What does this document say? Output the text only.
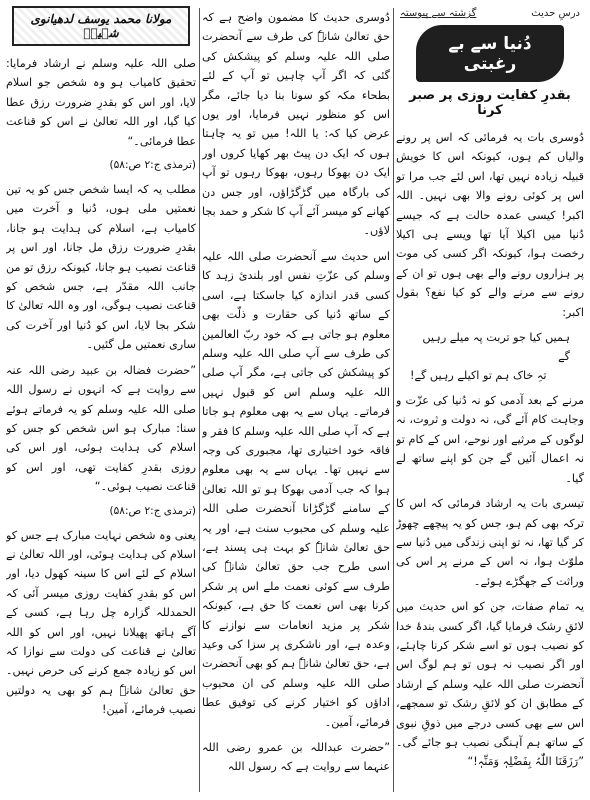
درسِ حدیث
گزشتہ سے پیوستہ
دُنیا سے بے رغبتی
بقدرِ کفایت روزی پر صبر کرنا

دُوسری بات یہ فرمائی کہ اس پر رونے والیاں کم ہوں، کیونکہ اس کا خویش قبیلہ زیادہ نہیں تھا، اس لئے جب مرا تو اس پر کوئی رونے والا بھی نہیں۔ اللہ اکبر! کیسی عمدہ حالت ہے کہ جیسے دُنیا میں اکیلا آیا تھا ویسے ہی اکیلا رخصت ہوا، کیونکہ اگر کسی کی موت پر ہزاروں رونے والے بھی ہوں تو ان کے رونے سے مرنے والے کو کیا نفع؟ بقول اکبر:

ہمیں کیا جو تربت پہ میلے رہیں گے
تہِ خاک ہم تو اکیلے رہیں گے!

مرنے کے بعد آدمی کو نہ دُنیا کی عزّت و وجاہت کام آئے گی، نہ دولت و ثروت، نہ لوگوں کے مرثیے اور نوحے، اس کے کام تو نہ اعمال آئیں گے جن کو اپنے ساتھ لے گیا۔

تیسری بات یہ ارشاد فرمائی کہ اس کا ترکہ بھی کم ہو، جس کو یہ پیچھے چھوڑ کر گیا تھا، نہ تو اپنی زندگی میں دُنیا سے ملوّث ہوا، نہ اس کے مرنے پر اس کی وراثت کے جھگڑے ہوئے۔

یہ تمام صفات، جن کو اس حدیث میں لائقِ رشک فرمایا گیا، اگر کسی بندۂ خدا کو نصیب ہوں تو اسے شکر کرنا چاہئے، اور اگر نصیب نہ ہوں تو ہم لوگ اس آنحضرت صلی اللہ علیہ وسلم کے ارشاد کے مطابق ان کو لائقِ رشک تو سمجھے، اس سے بھی کسی درجے میں ذوقِ نبوی کے ساتھ ہم آہنگی نصیب ہو جائے گی۔ ”رَزَقَنَا اللّٰہُ بِفَضْلِہٖ وَمَنِّہٖ!“

دُوسری حدیث کا مضمون واضح ہے کہ حق تعالیٰ شانہٗ کی طرف سے آنحضرت صلی اللہ علیہ وسلم کو پیشکش کی گئی کہ اگر آپ چاہیں تو آپ کے لئے بطحاء مکہ کو سونا بنا دیا جائے، مگر اس کو منظور نہیں فرمایا، اور یوں عرض کیا کہ: یا اللہ! میں تو یہ چاہتا ہوں کہ ایک دن پیٹ بھر کھایا کروں اور ایک دن بھوکا رہوں، بھوکا رہوں تو آپ کی بارگاہ میں گڑگڑاؤں، اور جس دن کھانے کو میسر آئے آپ کا شکر و حمد بجا لاؤں۔

اس حدیث سے آنحضرت صلی اللہ علیہ وسلم کی عزّتِ نفس اور بلندیٔ زہد کا کسی قدر اندازہ کیا جاسکتا ہے، اسی کے ساتھ دُنیا کی حقارت و ذلّت بھی معلوم ہو جاتی ہے کہ خود ربّ العالمین کی طرف سے آپ صلی اللہ علیہ وسلم کو پیشکش کی جاتی ہے، مگر آپ صلی اللہ علیہ وسلم اس کو قبول نہیں فرماتے۔ یہاں سے یہ بھی معلوم ہو جاتا ہے کہ آپ صلی اللہ علیہ وسلم کا فقر و فاقہ خود اختیاری تھا، مجبوری کی وجہ سے نہیں تھا۔ یہاں سے یہ بھی معلوم ہوا کہ جب آدمی بھوکا ہو تو اللہ تعالیٰ کے سامنے گڑگڑانا آنحضرت صلی اللہ علیہ وسلم کی محبوب سنت ہے، اور یہ حق تعالیٰ شانہٗ کو بہت ہی پسند ہے، اسی طرح جب حق تعالیٰ شانہٗ کی طرف سے کوئی نعمت ملے اس پر شکر کرنا بھی اس نعمت کا حق ہے، کیونکہ شکر پر مزید انعامات سے نوازنے کا وعدہ ہے، اور ناشکری پر سزا کی وعید ہے، حق تعالیٰ شانہٗ ہم کو بھی آنحضرت صلی اللہ علیہ وسلم کی ان محبوب اداؤں کو اختیار کرنے کی توفیق عطا فرمائے، آمین۔

”حضرت عبداللہ بن عمرو رضی اللہ عنہما سے روایت ہے کہ رسول اللہ

مولانا محمد یوسف لدھیانوی شہیدؒ

صلی اللہ علیہ وسلم نے ارشاد فرمایا: تحقیق کامیاب ہو وہ شخص جو اسلام لایا، اور اس کو بقدرِ ضرورت رزق عطا کیا گیا، اور اللہ تعالیٰ نے اس کو قناعت عطا فرمائی۔“

(ترمذی ج:۲ ص:۵۸)

مطلب یہ کہ ایسا شخص جس کو یہ تین نعمتیں ملی ہوں، دُنیا و آخرت میں کامیاب ہے، اسلام کی ہدایت ہو جانا، بقدرِ ضرورت رزق مل جانا، اور اس پر قناعت نصیب ہو جانا، کیونکہ رزق تو من جانب اللہ مقدّر ہے، جس شخص کو قناعت نصیب ہوگی، اور وہ اللہ تعالیٰ کا شکر بجا لایا، اس کو دُنیا اور آخرت کی ساری نعمتیں مل گئیں۔

”حضرت فضالہ بن عبید رضی اللہ عنہ سے روایت ہے کہ انہوں نے رسول اللہ صلی اللہ علیہ وسلم کو یہ فرماتے ہوئے سنا: مبارک ہو اس شخص کو جس کو اسلام کی ہدایت ہوئی، اور اس کی روزی بقدرِ کفایت تھی، اور اس کو قناعت نصیب ہوئی۔“

(ترمذی ج:۲ ص:۵۸)

یعنی وہ شخص نہایت مبارک ہے جس کو اسلام کی ہدایت ہوئی، اور اللہ تعالیٰ نے اسلام کے لئے اس کا سینہ کھول دیا، اور اس کو بقدرِ کفایت روزی میسر آئی کہ الحمدللہ گزارہ چل رہا ہے، کسی کے آگے ہاتھ پھیلانا نہیں، اور اس کو اللہ تعالیٰ نے قناعت کی دولت سے نوازا کہ اس کو زیادہ جمع کرنے کی حرص نہیں۔ حق تعالیٰ شانہٗ ہم کو بھی یہ دولتیں نصیب فرمائے، آمین!
